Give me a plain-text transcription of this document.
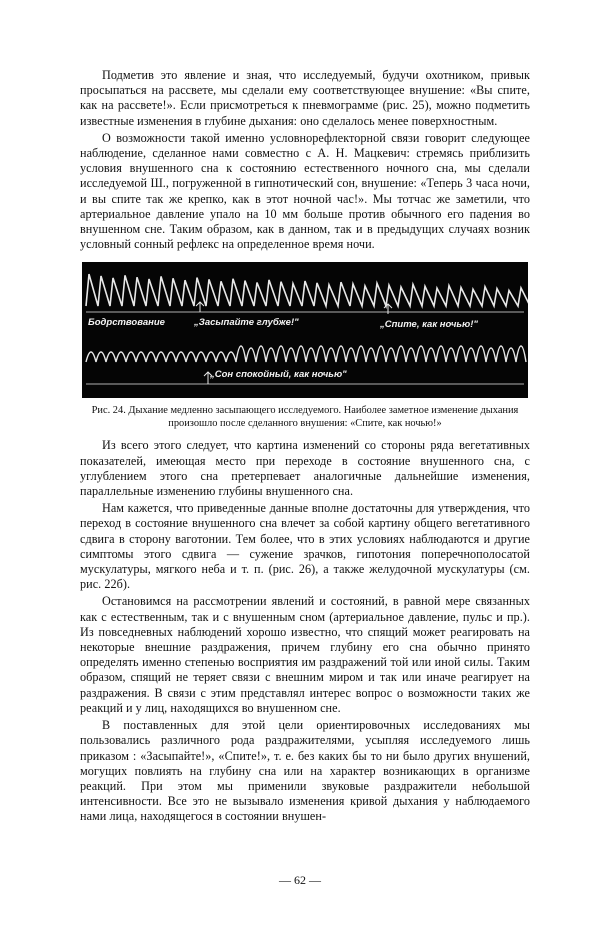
Подметив это явление и зная, что исследуемый, будучи охотником, привык просыпаться на рассвете, мы сделали ему соответствующее внушение: «Вы спите, как на рассвете!». Если присмотреться к пневмограмме (рис. 25), можно подметить известные изменения в глубине дыхания: оно сделалось менее поверхностным.

О возможности такой именно условнорефлекторной связи говорит следующее наблюдение, сделанное нами совместно с А. Н. Мацкевич: стремясь приблизить условия внушенного сна к состоянию естественного ночного сна, мы сделали исследуемой Ш., погруженной в гипнотический сон, внушение: «Теперь 3 часа ночи, и вы спите так же крепко, как в этот ночной час!». Мы тотчас же заметили, что артериальное давление упало на 10 мм больше против обычного его падения во внушенном сне. Таким образом, как в данном, так и в предыдущих случаях возник условный сонный рефлекс на определенное время ночи.

Бодрствование	„Засыпайте глубже!"	„Спите, как ночью!"
„Сон спокойный, как ночью"

Рис. 24. Дыхание медленно засыпающего исследуемого. Наиболее заметное изменение дыхания произошло после сделанного внушения: «Спите, как ночью!»

Из всего этого следует, что картина изменений со стороны ряда вегетативных показателей, имеющая место при переходе в состояние внушенного сна, с углублением этого сна претерпевает аналогичные дальнейшие изменения, параллельные изменению глубины внушенного сна.

Нам кажется, что приведенные данные вполне достаточны для утверждения, что переход в состояние внушенного сна влечет за собой картину общего вегетативного сдвига в сторону ваготонии. Тем более, что в этих условиях наблюдаются и другие симптомы этого сдвига — сужение зрачков, гипотония поперечнополосатой мускулатуры, мягкого неба и т. п. (рис. 26), а также желудочной мускулатуры (см. рис. 22б).

Остановимся на рассмотрении явлений и состояний, в равной мере связанных как с естественным, так и с внушенным сном (артериальное давление, пульс и пр.). Из повседневных наблюдений хорошо известно, что спящий может реагировать на некоторые внешние раздражения, причем глубину его сна обычно принято определять именно степенью восприятия им раздражений той или иной силы. Таким образом, спящий не теряет связи с внешним миром и так или иначе реагирует на раздражения. В связи с этим представлял интерес вопрос о возможности таких же реакций и у лиц, находящихся во внушенном сне.

В поставленных для этой цели ориентировочных исследованиях мы пользовались различного рода раздражителями, усыпляя исследуемого лишь приказом : «Засыпайте!», «Спите!», т. е. без каких бы то ни было других внушений, могущих повлиять на глубину сна или на характер возникающих в организме реакций. При этом мы применили звуковые раздражители небольшой интенсивности. Все это не вызывало изменения кривой дыхания у наблюдаемого нами лица, находящегося в состоянии внушен-

— 62 —
